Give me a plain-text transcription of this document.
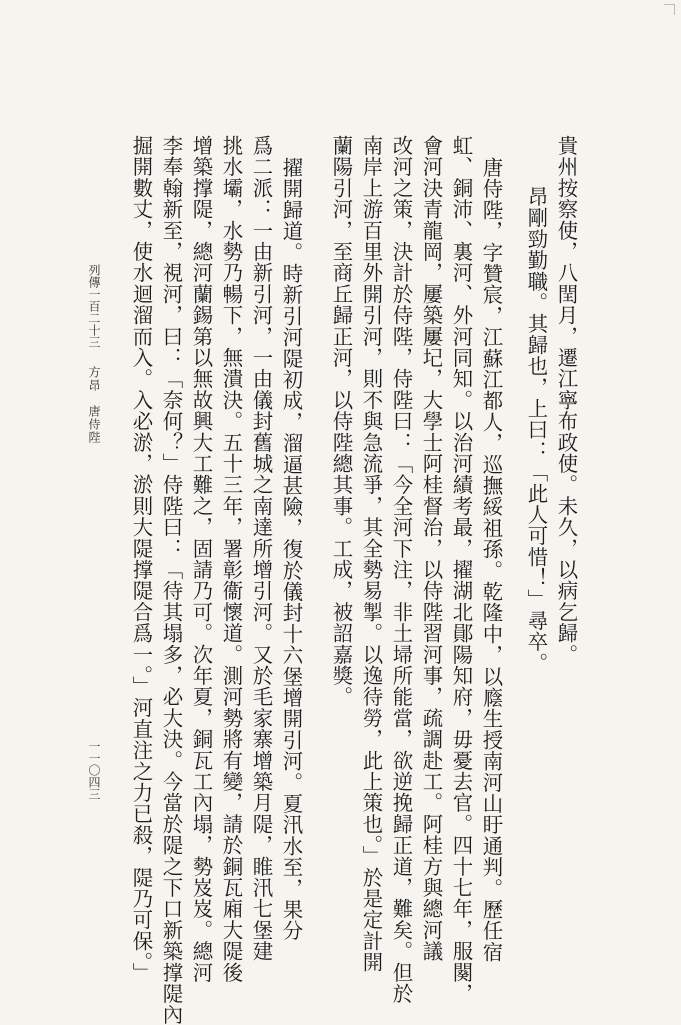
貴州按察使，八閏月，遷江寧布政使。未久，以病乞歸。
昂剛勁勤職。其歸也，上曰：「此人可惜！」尋卒。
唐侍陛，字贊宸，江蘇江都人，巡撫綏祖孫。乾隆中，以廕生授南河山盱通判。歷任宿
虹、銅沛、裏河、外河同知。以治河績考最，擢湖北鄖陽知府，毋憂去官。四十七年，服闋，
會河決青龍岡，屢築屢圮，大學士阿桂督治，以侍陛習河事，疏調赴工。阿桂方與總河議
改河之策，決計於侍陛，侍陛曰：「今全河下注，非土埽所能當，欲逆挽歸正道，難矣。但於
南岸上游百里外開引河，則不與急流爭，其全勢易掣。以逸待勞，此上策也。」於是定計開
蘭陽引河，至商丘歸正河，以侍陛總其事。工成，被詔嘉獎。
擢開歸道。時新引河隄初成，溜逼甚險，復於儀封十六堡增開引河。夏汛水至，果分
爲二派：一由新引河，一由儀封舊城之南達所增引河。又於毛家寨增築月隄，睢汛七堡建
挑水壩，水勢乃暢下，無潰決。五十三年，署彰衞懷道。測河勢將有變，請於銅瓦廂大隄後
增築撑隄，總河蘭錫第以無故興大工難之，固請乃可。次年夏，銅瓦工內塌，勢岌岌。總河
李奉翰新至，視河，曰：「奈何？」侍陛曰：「待其塌多，必大決。今當於隄之下口新築撑隄內
掘開數丈，使水迴溜而入。入必淤，淤則大隄撑隄合爲一。」河直注之力已殺，隄乃可保。」
列傳一百二十三
方昂　唐侍陛
一一〇四三
